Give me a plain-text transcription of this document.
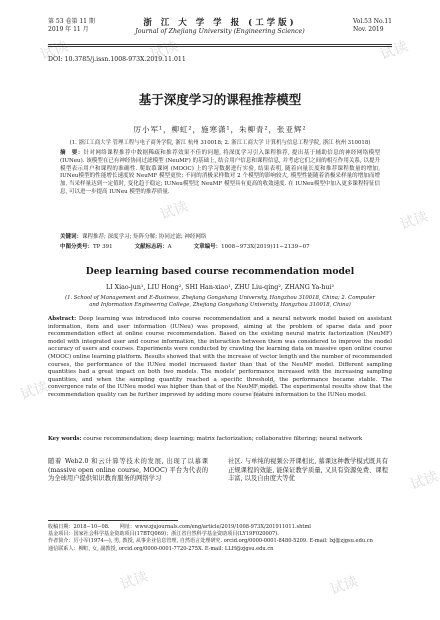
试读	试读	试读
试读	试读
试读	试读
试读
试读	试读
第 53 卷第 11 期
2019 年 11 月
浙 江 大 学 学 报 (工学版)
Journal of Zhejiang University (Engineering Science)
Vol.53 No.11
Nov. 2019
DOI: 10.3785/j.issn.1008-973X.2019.11.011
基于深度学习的课程推荐模型
厉小军¹，柳虹²，施寒潇¹，朱柳青²，张亚辉²
(1. 浙江工商大学 管理工程与电子商务学院, 浙江 杭州 310018; 2. 浙江工商大学 计算机与信息工程学院, 浙江 杭州 310018)
摘　要：针对网络课程推荐中数据稀疏和推荐效果不佳的问题, 将深度学习引入课程推荐, 提出基于辅助信息的神经网络模型 (IUNeu). 该模型在已有神经协同过滤模型 (NeuMF) 的基础上, 结合用户信息和课程信息, 并考虑它们之间的相互作用关系, 以提升模型表示用户和课程的准确性. 爬取慕课网 (MOOC) 上的学习数据进行实验, 结果表明, 随着向量长度和推荐课程数量的增加, IUNeu模型的性能增长速度较 NeuMF 模型更快; 不同的消极采样数对 2 个模型的影响较大, 模型性能随着消极采样量的增加而增加, 当采样量达到一定值时, 变化趋于稳定; IUNeu模型比 NeuMF 模型具有更高的收敛速度. 在 IUNeu模型中加入更多课程特征信息, 可以进一步提高 IUNeu 模型的推荐质量.
关键词：课程推荐; 深度学习; 矩阵分解; 协同过滤; 神经网络
中图分类号：TP 391	文献标志码：A	文章编号：1008−973X(2019)11−2139−07
Deep learning based course recommendation model
LI Xiao-jun¹, LIU Hong², SHI Han-xiao¹, ZHU Liu-qing², ZHANG Ya-hui²
(1. School of Management and E-Business, Zhejiang Gongshang University, Hangzhou 310018, China; 2. Computer and Information Engineering College, Zhejiang Gongshang University, Hangzhou 310018, China)
Abstract: Deep learning was introduced into course recommendation and a neural network model based on assistant information, item and user information (IUNeu) was proposed, aiming at the problem of sparse data and poor recommendation effect at online course recommendation. Based on the existing neural matrix factorization (NeuMF) model with integrated user and course information, the interaction between them was considered to improve the model accuracy of users and courses. Experiments were conducted by crawling the learning data on massive open online course (MOOC) online learning platform. Results showed that with the increase of vector length and the number of recommended courses, the performance of the IUNeu model increased faster than that of the NeuMF model. Different sampling quantities had a great impact on both two models. The models' performance increased with the increasing sampling quantities, and when the sampling quantity reached a specific threshold, the performance became stable. The convergence rate of the IUNeu model was higher than that of the NeuMF model. The experimental results show that the recommendation quality can be further improved by adding more course feature information to the IUNeu model.
Key words: course recommendation; deep learning; matrix factorization; collaborative filtering; neural network
随着 Web2.0 和云计算等技术的发展, 出现了以慕课 (massive open online course, MOOC) 平台为代表的为全球用户提供知识教育服务的网络学习
社区. 与单纯的视频公开课相比, 慕课这种教学模式既具有正规课程的效能, 能保证教学质量, 又具有资源免费、课程丰富, 以及自由度大等优
收稿日期：2018−10−08.　　网址：www.zjujournals.com/eng/article/2019/1008-973X/201911011.shtml
基金项目：国家社会科学基金资助项目(17BTQ069)；浙江省自然科学基金资助项目(LY19F020007).
作者简介：厉小军(1974—), 男, 教授, 从事企业信息管理, 自然语言处理研究. orcid.org/0000-0001-8480-5209. E-mail: lxj@zjgsu.edu.cn
通信联系人：柳虹, 女, 副教授, orcid.org/0000-0001-7720-275X. E-mail: LLH@zjgsu.edu.cn
